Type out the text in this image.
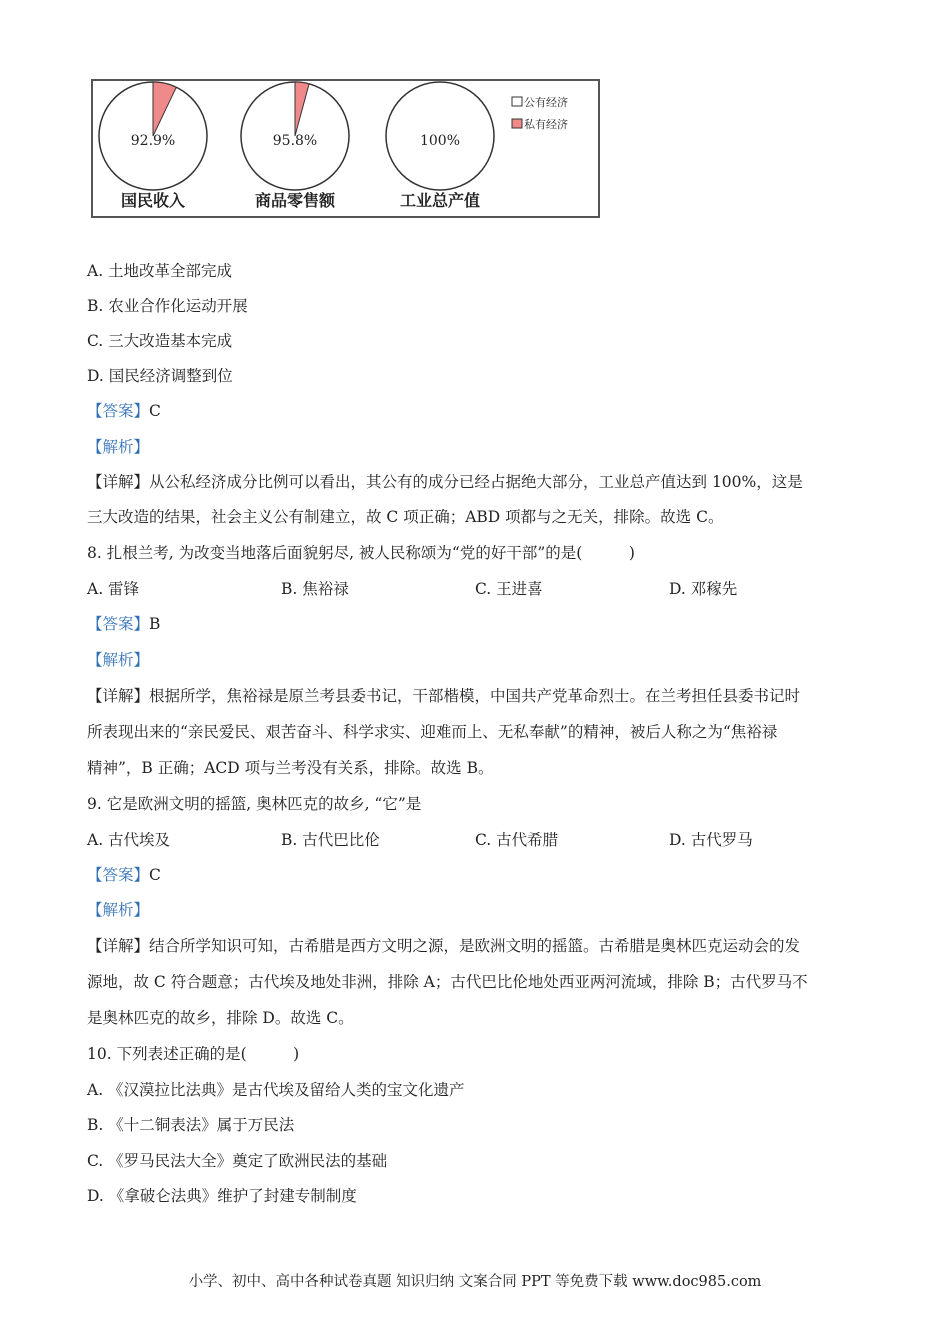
92.9%
国民收入
95.8%
商品零售额
100%
工业总产值
公有经济
私有经济
A. 土地改革全部完成
B. 农业合作化运动开展
C. 三大改造基本完成
D. 国民经济调整到位
【答案】C
【解析】
【详解】从公私经济成分比例可以看出，其公有的成分已经占据绝大部分，工业总产值达到 100%，这是
三大改造的结果，社会主义公有制建立，故 C 项正确；ABD 项都与之无关，排除。故选 C。
8. 扎根兰考, 为改变当地落后面貌躬尽, 被人民称颂为“党的好干部”的是(　　　)
A. 雷锋	B. 焦裕禄	C. 王进喜	D. 邓稼先
【答案】B
【解析】
【详解】根据所学，焦裕禄是原兰考县委书记，干部楷模，中国共产党革命烈士。在兰考担任县委书记时
所表现出来的“亲民爱民、艰苦奋斗、科学求实、迎难而上、无私奉献”的精神，被后人称之为“焦裕禄
精神”，B 正确；ACD 项与兰考没有关系，排除。故选 B。
9. 它是欧洲文明的摇篮, 奥林匹克的故乡, “它”是
A. 古代埃及	B. 古代巴比伦	C. 古代希腊	D. 古代罗马
【答案】C
【解析】
【详解】结合所学知识可知，古希腊是西方文明之源，是欧洲文明的摇篮。古希腊是奥林匹克运动会的发
源地，故 C 符合题意；古代埃及地处非洲，排除 A；古代巴比伦地处西亚两河流域，排除 B；古代罗马不
是奥林匹克的故乡，排除 D。故选 C。
10. 下列表述正确的是(　　　)
A. 《汉漠拉比法典》是古代埃及留给人类的宝文化遗产
B. 《十二铜表法》属于万民法
C. 《罗马民法大全》奠定了欧洲民法的基础
D. 《拿破仑法典》维护了封建专制制度
小学、初中、高中各种试卷真题 知识归纳 文案合同 PPT 等免费下载 www.doc985.com
